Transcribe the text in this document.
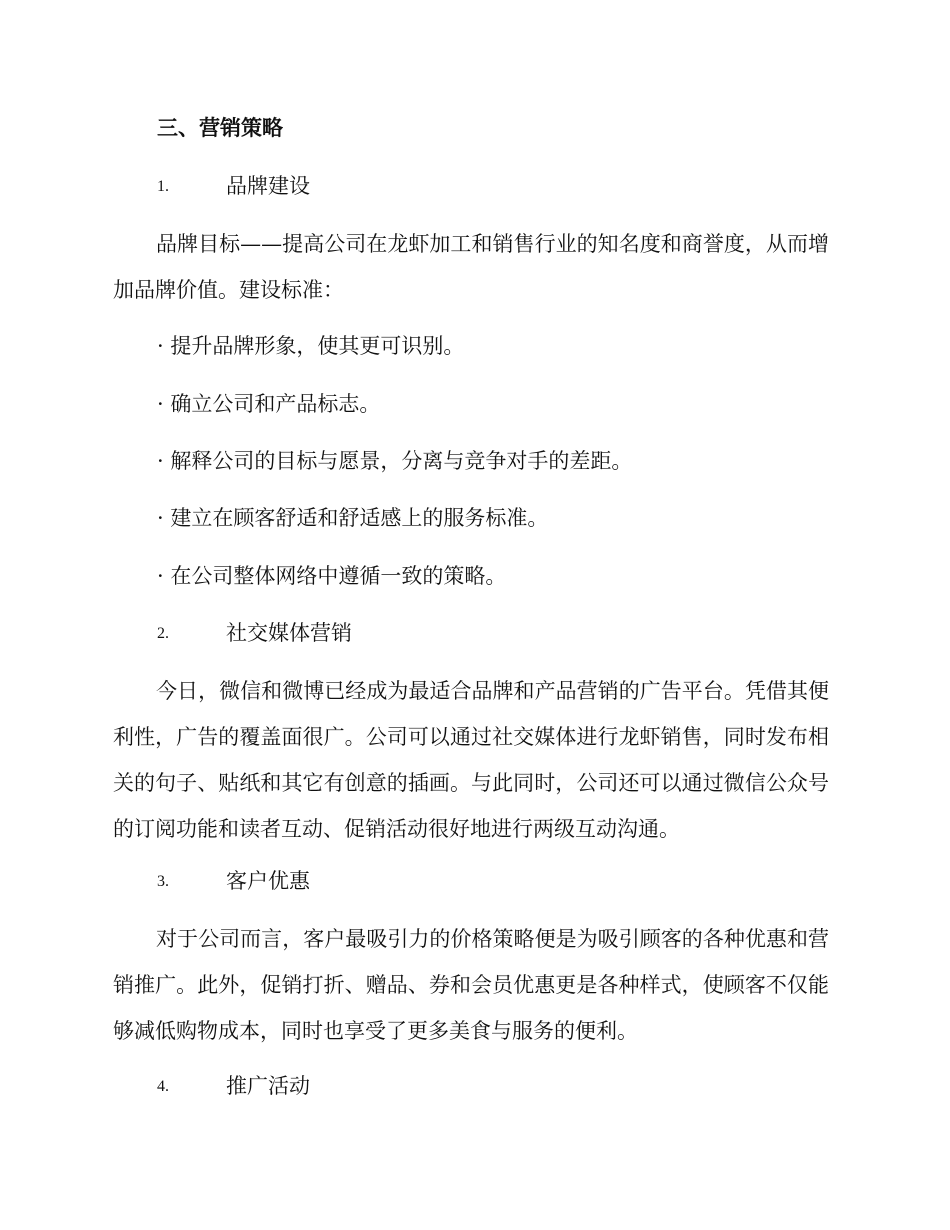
三、营销策略
1.	品牌建设

品牌目标——提高公司在龙虾加工和销售行业的知名度和商誉度，从而增加品牌价值。建设标准：

· 提升品牌形象，使其更可识别。
· 确立公司和产品标志。
· 解释公司的目标与愿景，分离与竞争对手的差距。
· 建立在顾客舒适和舒适感上的服务标准。
· 在公司整体网络中遵循一致的策略。
2.	社交媒体营销

今日，微信和微博已经成为最适合品牌和产品营销的广告平台。凭借其便利性，广告的覆盖面很广。公司可以通过社交媒体进行龙虾销售，同时发布相关的句子、贴纸和其它有创意的插画。与此同时，公司还可以通过微信公众号的订阅功能和读者互动、促销活动很好地进行两级互动沟通。

3.	客户优惠

对于公司而言，客户最吸引力的价格策略便是为吸引顾客的各种优惠和营销推广。此外，促销打折、赠品、券和会员优惠更是各种样式，使顾客不仅能够减低购物成本，同时也享受了更多美食与服务的便利。

4.	推广活动
